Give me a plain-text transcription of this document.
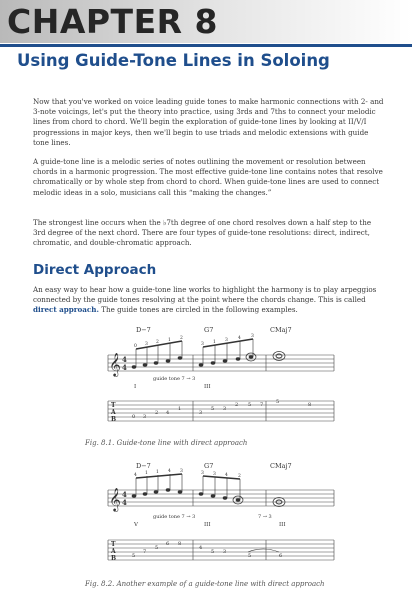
CHAPTER 8
Using Guide-Tone Lines in Soloing

Now that you've worked on voice leading guide tones to make harmonic connections with 2- and 3-note voicings, let's put the theory into practice, using 3rds and 7ths to connect your melodic lines from chord to chord. We'll begin the exploration of guide-tone lines by looking at II/V/I progressions in major keys, then we'll begin to use triads and melodic extensions with guide tone lines.

A guide-tone line is a melodic series of notes outlining the movement or resolution between chords in a harmonic progression. The most effective guide-tone line contains notes that resolve chromatically or by whole step from chord to chord. When guide-tone lines are used to connect melodic ideas in a solo, musicians call this “making the changes.”

The strongest line occurs when the ♭7th degree of one chord resolves down a half step to the 3rd degree of the next chord. There are four types of guide-tone resolutions: direct, indirect, chromatic, and double-chromatic approach.

Direct Approach

An easy way to hear how a guide-tone line works to highlight the harmony is to play arpeggios connected by the guide tones resolving at the point where the chords change. This is called direct approach. The guide tones are circled in the following examples.

𝄞 4
4
D−7	G7	CMaj7
0 3 2 1 2
3 1 3 4 3
I	III
guide tone 7 → 3
T
A
B	0 3
2 4
1
3
5 3
2 5 7	5	8
Fig. 8.1. Guide-tone line with direct approach
𝄞 4
4
D−7	G7	CMaj7
4 1 1 4 3	3 3 4 2
V	III	III
guide tone 7 → 3	7 → 3
T
A
B	5
7
5
6 8
4
5 3
5	6
Fig. 8.2. Another example of a guide-tone line with direct approach
